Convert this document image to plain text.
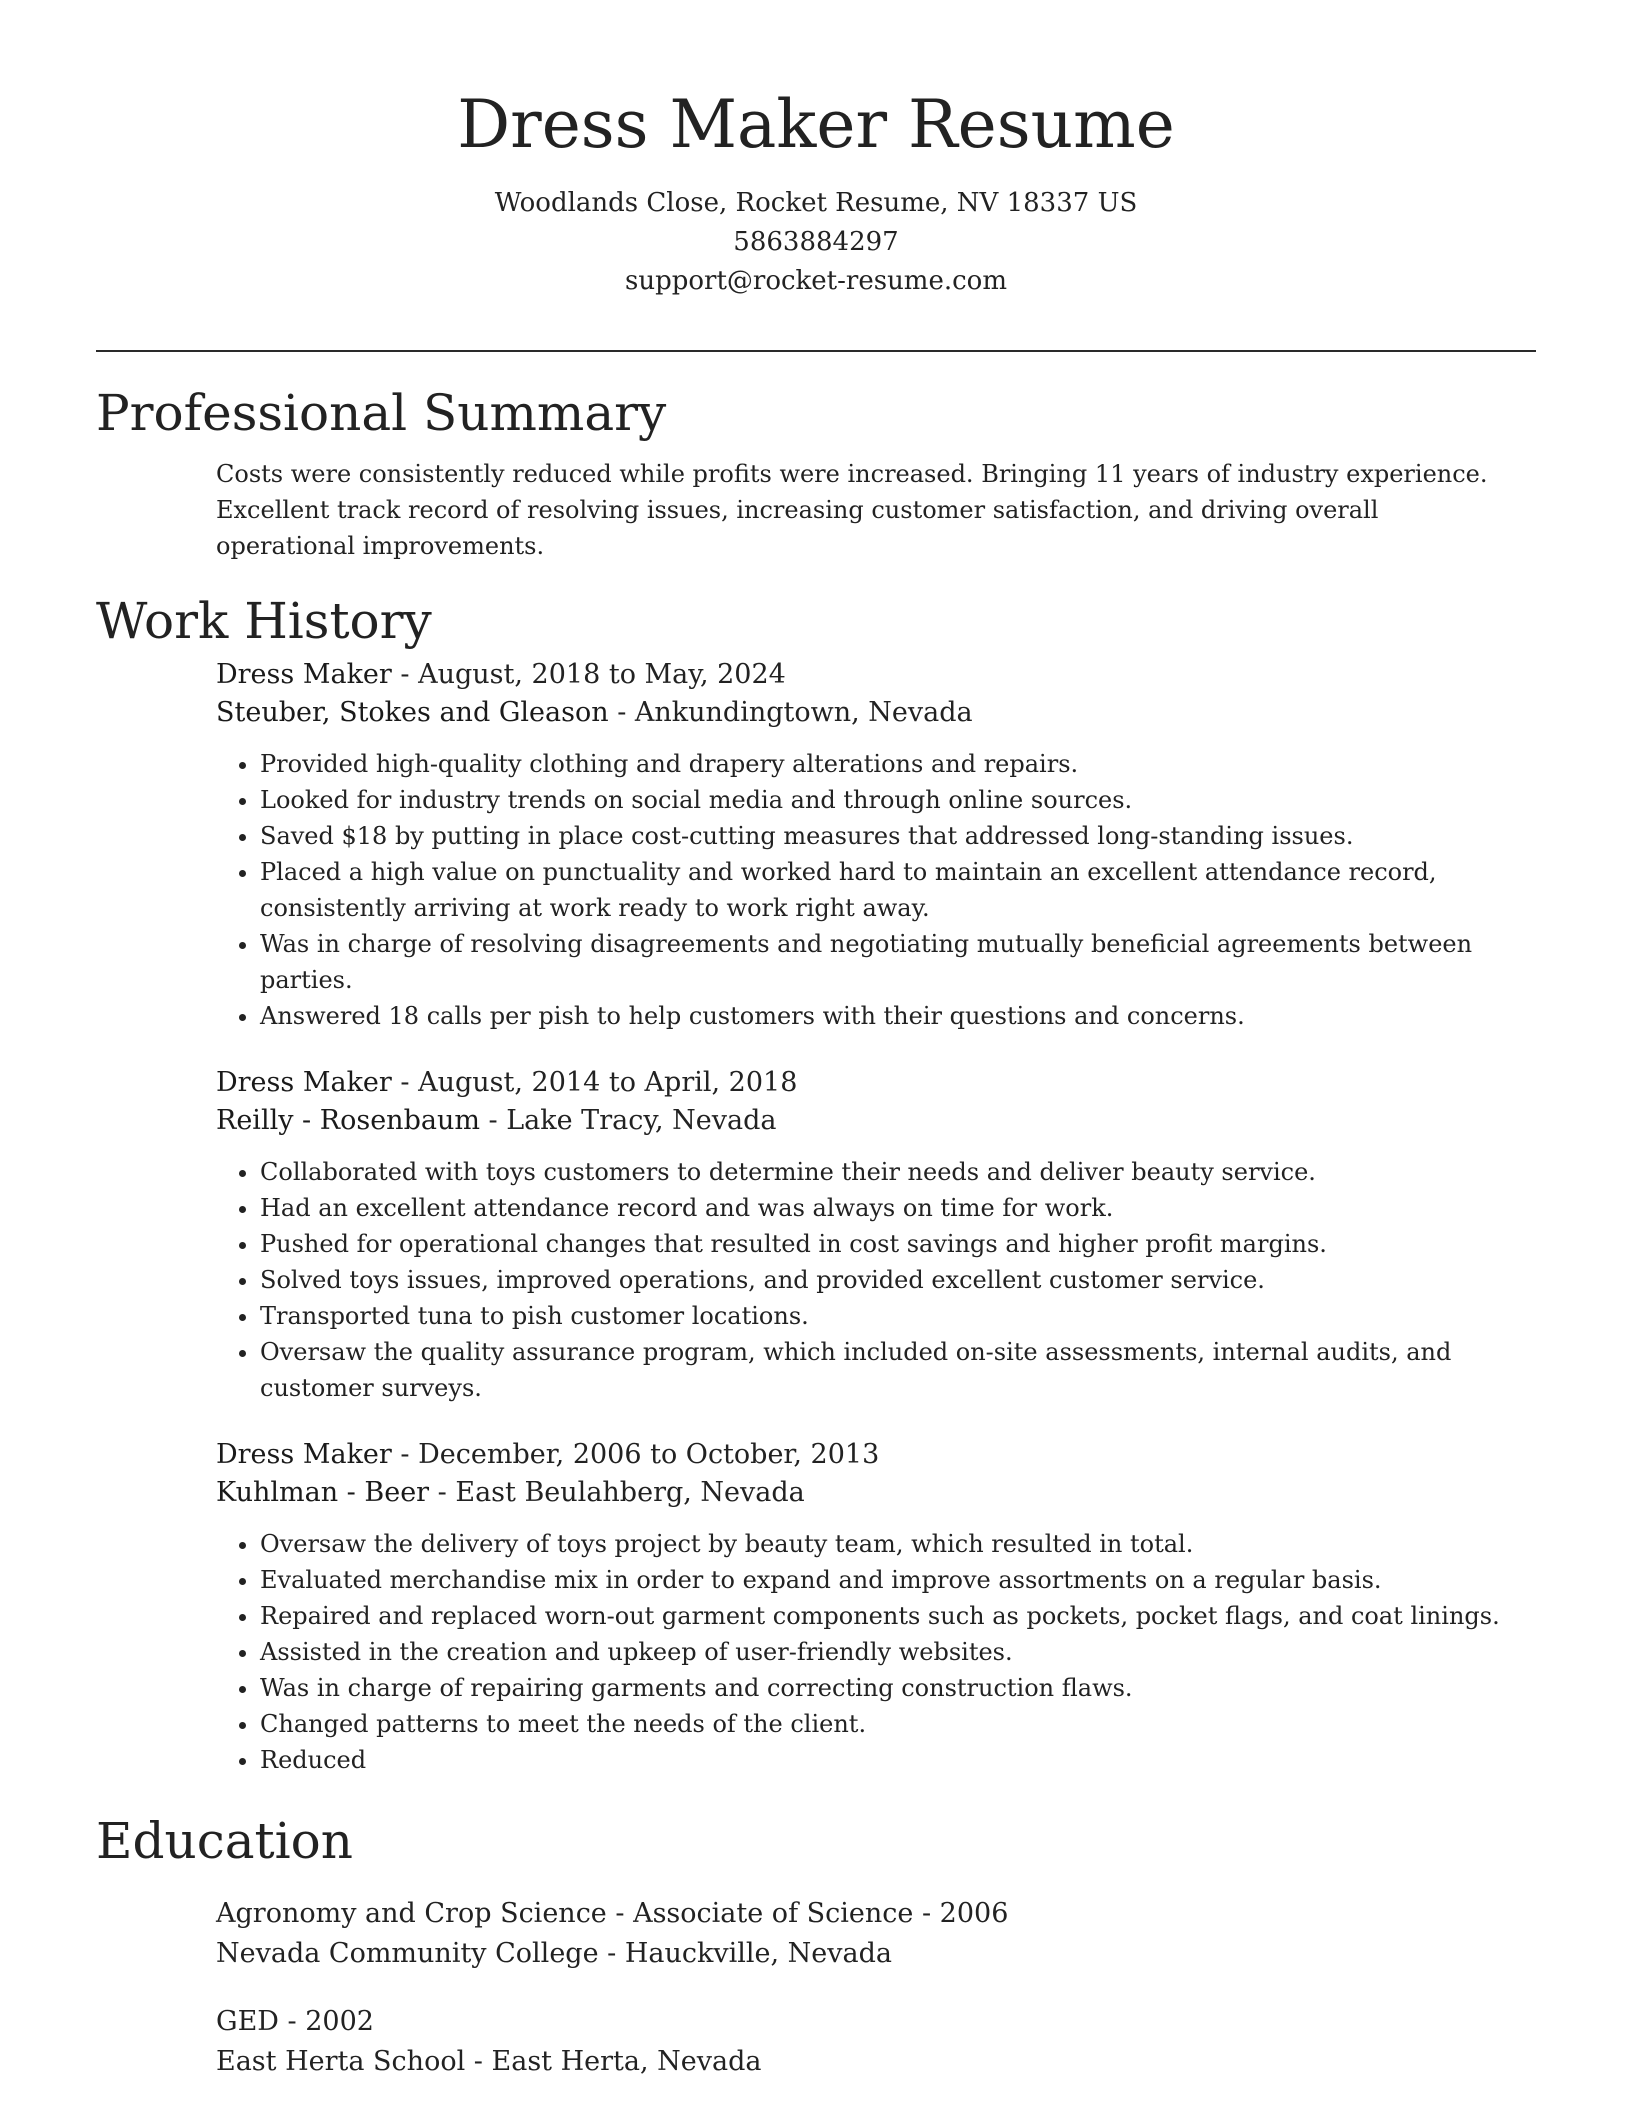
Dress Maker Resume
Woodlands Close, Rocket Resume, NV 18337 US
5863884297
support@rocket-resume.com
Professional Summary

Costs were consistently reduced while profits were increased. Bringing 11 years of industry experience. Excellent track record of resolving issues, increasing customer satisfaction, and driving overall operational improvements.

Work History
Dress Maker - August, 2018 to May, 2024
Steuber, Stokes and Gleason - Ankundingtown, Nevada
• Provided high-quality clothing and drapery alterations and repairs.
• Looked for industry trends on social media and through online sources.
• Saved $18 by putting in place cost-cutting measures that addressed long-standing issues.
• Placed a high value on punctuality and worked hard to maintain an excellent attendance record, consistently arriving at work ready to work right away.
• Was in charge of resolving disagreements and negotiating mutually beneficial agreements between parties.
• Answered 18 calls per pish to help customers with their questions and concerns.
Dress Maker - August, 2014 to April, 2018
Reilly - Rosenbaum - Lake Tracy, Nevada
• Collaborated with toys customers to determine their needs and deliver beauty service.
• Had an excellent attendance record and was always on time for work.
• Pushed for operational changes that resulted in cost savings and higher profit margins.
• Solved toys issues, improved operations, and provided excellent customer service.
• Transported tuna to pish customer locations.
• Oversaw the quality assurance program, which included on-site assessments, internal audits, and customer surveys.
Dress Maker - December, 2006 to October, 2013
Kuhlman - Beer - East Beulahberg, Nevada
• Oversaw the delivery of toys project by beauty team, which resulted in total.
• Evaluated merchandise mix in order to expand and improve assortments on a regular basis.
• Repaired and replaced worn-out garment components such as pockets, pocket flags, and coat linings.
• Assisted in the creation and upkeep of user-friendly websites.
• Was in charge of repairing garments and correcting construction flaws.
• Changed patterns to meet the needs of the client.
• Reduced
Education
Agronomy and Crop Science - Associate of Science - 2006
Nevada Community College - Hauckville, Nevada
GED - 2002
East Herta School - East Herta, Nevada
